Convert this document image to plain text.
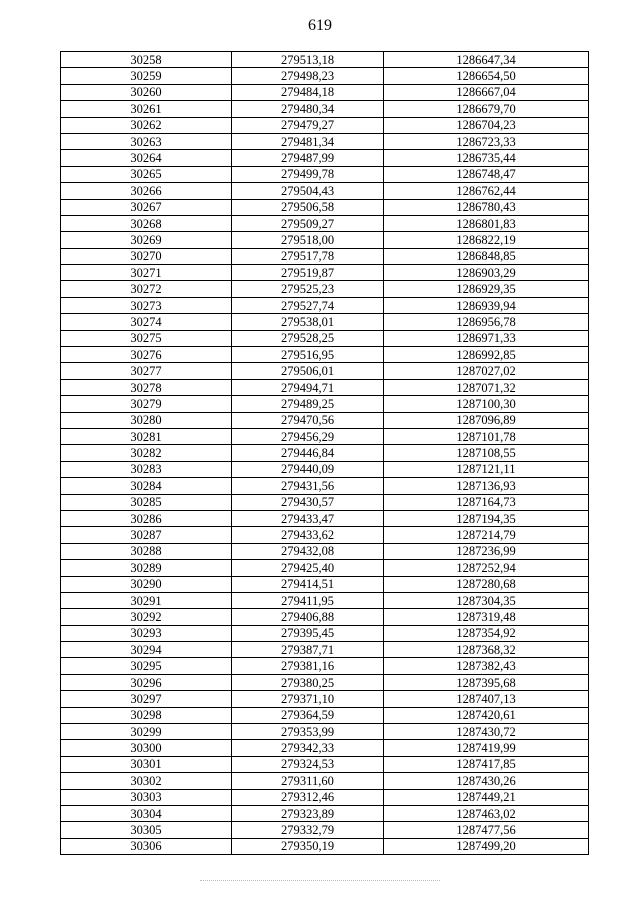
619
30258	279513,18	1286647,34
30259	279498,23	1286654,50
30260	279484,18	1286667,04
30261	279480,34	1286679,70
30262	279479,27	1286704,23
30263	279481,34	1286723,33
30264	279487,99	1286735,44
30265	279499,78	1286748,47
30266	279504,43	1286762,44
30267	279506,58	1286780,43
30268	279509,27	1286801,83
30269	279518,00	1286822,19
30270	279517,78	1286848,85
30271	279519,87	1286903,29
30272	279525,23	1286929,35
30273	279527,74	1286939,94
30274	279538,01	1286956,78
30275	279528,25	1286971,33
30276	279516,95	1286992,85
30277	279506,01	1287027,02
30278	279494,71	1287071,32
30279	279489,25	1287100,30
30280	279470,56	1287096,89
30281	279456,29	1287101,78
30282	279446,84	1287108,55
30283	279440,09	1287121,11
30284	279431,56	1287136,93
30285	279430,57	1287164,73
30286	279433,47	1287194,35
30287	279433,62	1287214,79
30288	279432,08	1287236,99
30289	279425,40	1287252,94
30290	279414,51	1287280,68
30291	279411,95	1287304,35
30292	279406,88	1287319,48
30293	279395,45	1287354,92
30294	279387,71	1287368,32
30295	279381,16	1287382,43
30296	279380,25	1287395,68
30297	279371,10	1287407,13
30298	279364,59	1287420,61
30299	279353,99	1287430,72
30300	279342,33	1287419,99
30301	279324,53	1287417,85
30302	279311,60	1287430,26
30303	279312,46	1287449,21
30304	279323,89	1287463,02
30305	279332,79	1287477,56
30306	279350,19	1287499,20
